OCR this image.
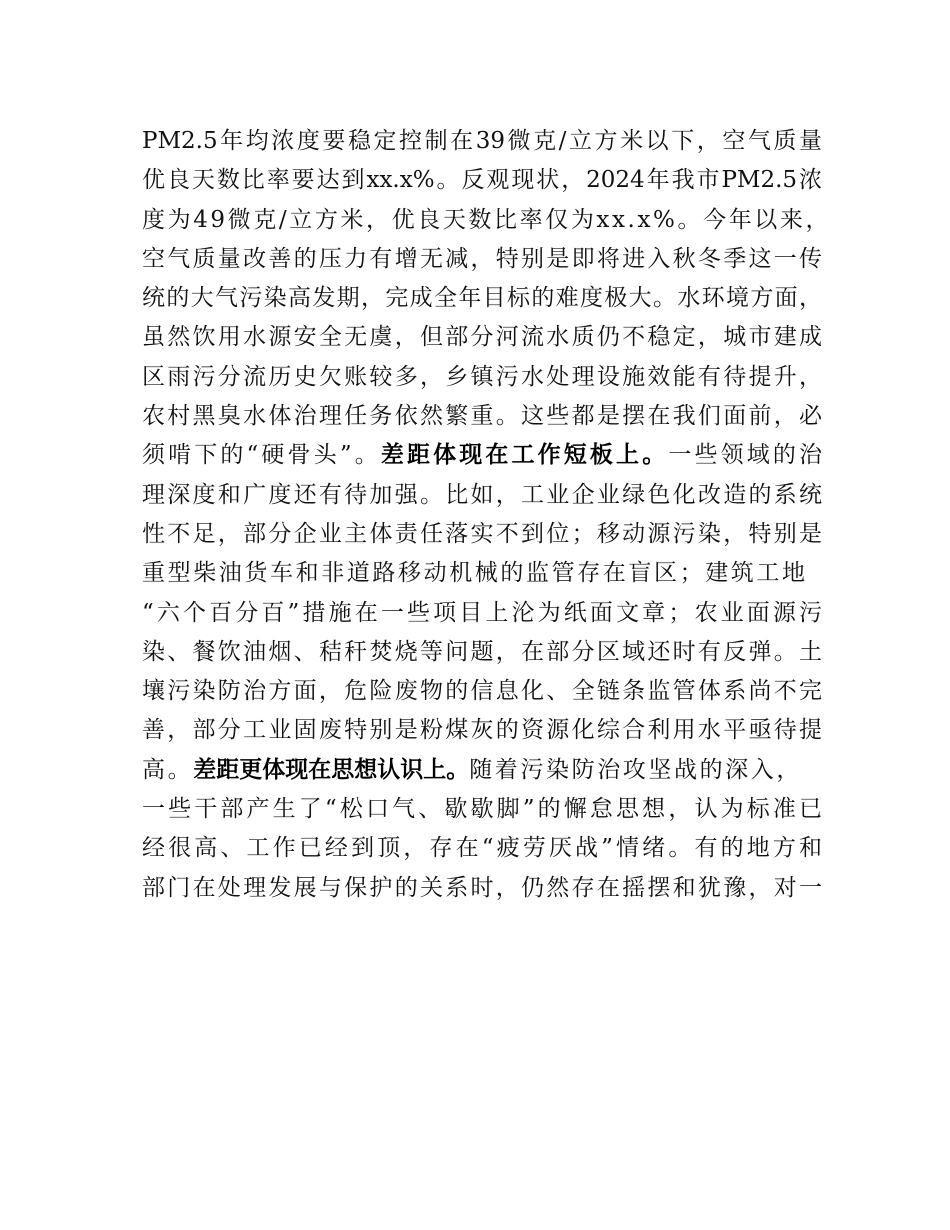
PM2.5年均浓度要稳定控制在39微克/立方米以下，空气质量
优良天数比率要达到xx.x%。反观现状，2024年我市PM2.5浓
度为49微克/立方米，优良天数比率仅为xx.x%。今年以来，
空气质量改善的压力有增无减，特别是即将进入秋冬季这一传
统的大气污染高发期，完成全年目标的难度极大。水环境方面，
虽然饮用水源安全无虞，但部分河流水质仍不稳定，城市建成
区雨污分流历史欠账较多，乡镇污水处理设施效能有待提升，
农村黑臭水体治理任务依然繁重。这些都是摆在我们面前，必
须啃下的“硬骨头”。差距体现在工作短板上。一些领域的治
理深度和广度还有待加强。比如，工业企业绿色化改造的系统
性不足，部分企业主体责任落实不到位；移动源污染，特别是
重型柴油货车和非道路移动机械的监管存在盲区；建筑工地
“六个百分百”措施在一些项目上沦为纸面文章；农业面源污
染、餐饮油烟、秸秆焚烧等问题，在部分区域还时有反弹。土
壤污染防治方面，危险废物的信息化、全链条监管体系尚不完
善，部分工业固废特别是粉煤灰的资源化综合利用水平亟待提
高。差距更体现在思想认识上。随着污染防治攻坚战的深入，
一些干部产生了“松口气、歇歇脚”的懈怠思想，认为标准已
经很高、工作已经到顶，存在“疲劳厌战”情绪。有的地方和
部门在处理发展与保护的关系时，仍然存在摇摆和犹豫，对一
